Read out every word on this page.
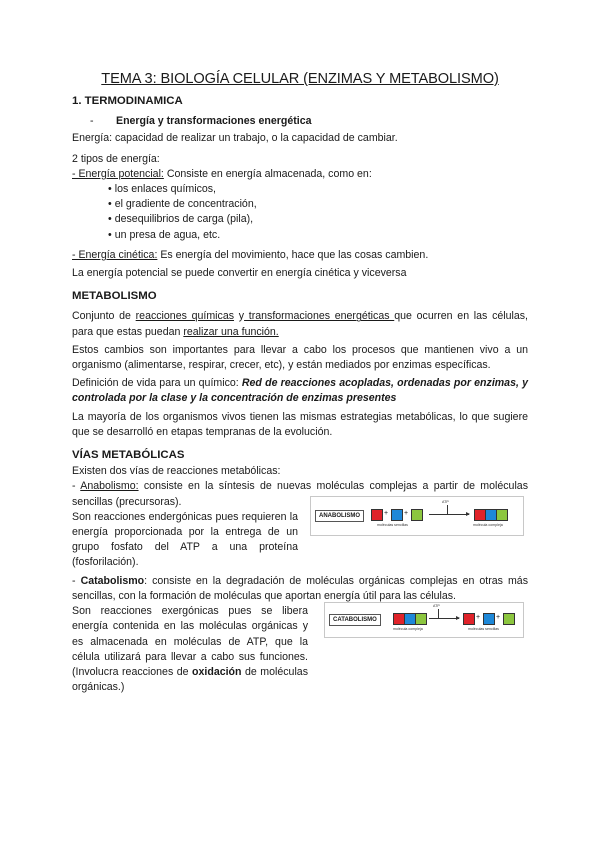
TEMA 3: BIOLOGÍA CELULAR (ENZIMAS Y METABOLISMO)
1. TERMODINAMICA
-	Energía y transformaciones energética

Energía: capacidad de realizar un trabajo, o la capacidad de cambiar.

2 tipos de energía:

- Energía potencial: Consiste en energía almacenada, como en:

• los enlaces químicos,
• el gradiente de concentración,
• desequilibrios de carga (pila),
• un presa de agua, etc.

- Energía cinética: Es energía del movimiento, hace que las cosas cambien.

La energía potencial se puede convertir en energía cinética y viceversa

METABOLISMO

Conjunto de reacciones químicas y transformaciones energéticas que ocurren en las células, para que estas puedan realizar una función.

Estos cambios son importantes para llevar a cabo los procesos que mantienen vivo a un organismo (alimentarse, respirar, crecer, etc), y están mediados por enzimas específicas.

Definición de vida para un químico: Red de reacciones acopladas, ordenadas por enzimas, y controlada por la clase y la concentración de enzimas presentes

La mayoría de los organismos vivos tienen las mismas estrategias metabólicas, lo que sugiere que se desarrolló en etapas tempranas de la evolución.

VÍAS METABÓLICAS

Existen dos vías de reacciones metabólicas:

- Anabolismo: consiste en la síntesis de nuevas moléculas complejas a partir de moléculas sencillas (precursoras).

Son reacciones endergónicas pues requieren la energía proporcionada por la entrega de un grupo fosfato del ATP a una proteína (fosforilación).

ANABOLISMO	+ +
moléculas sencillas
ATP
molécula compleja

- Catabolismo: consiste en la degradación de moléculas orgánicas complejas en otras más sencillas, con la formación de moléculas que aportan energía útil para las células.

CATABOLISMO
molécula compleja
ATP
+ +
moléculas sencillas

Son reacciones exergónicas pues se libera energía contenida en las moléculas orgánicas y es almacenada en moléculas de ATP, que la célula utilizará para llevar a cabo sus funciones. (Involucra reacciones de oxidación de moléculas orgánicas.)
